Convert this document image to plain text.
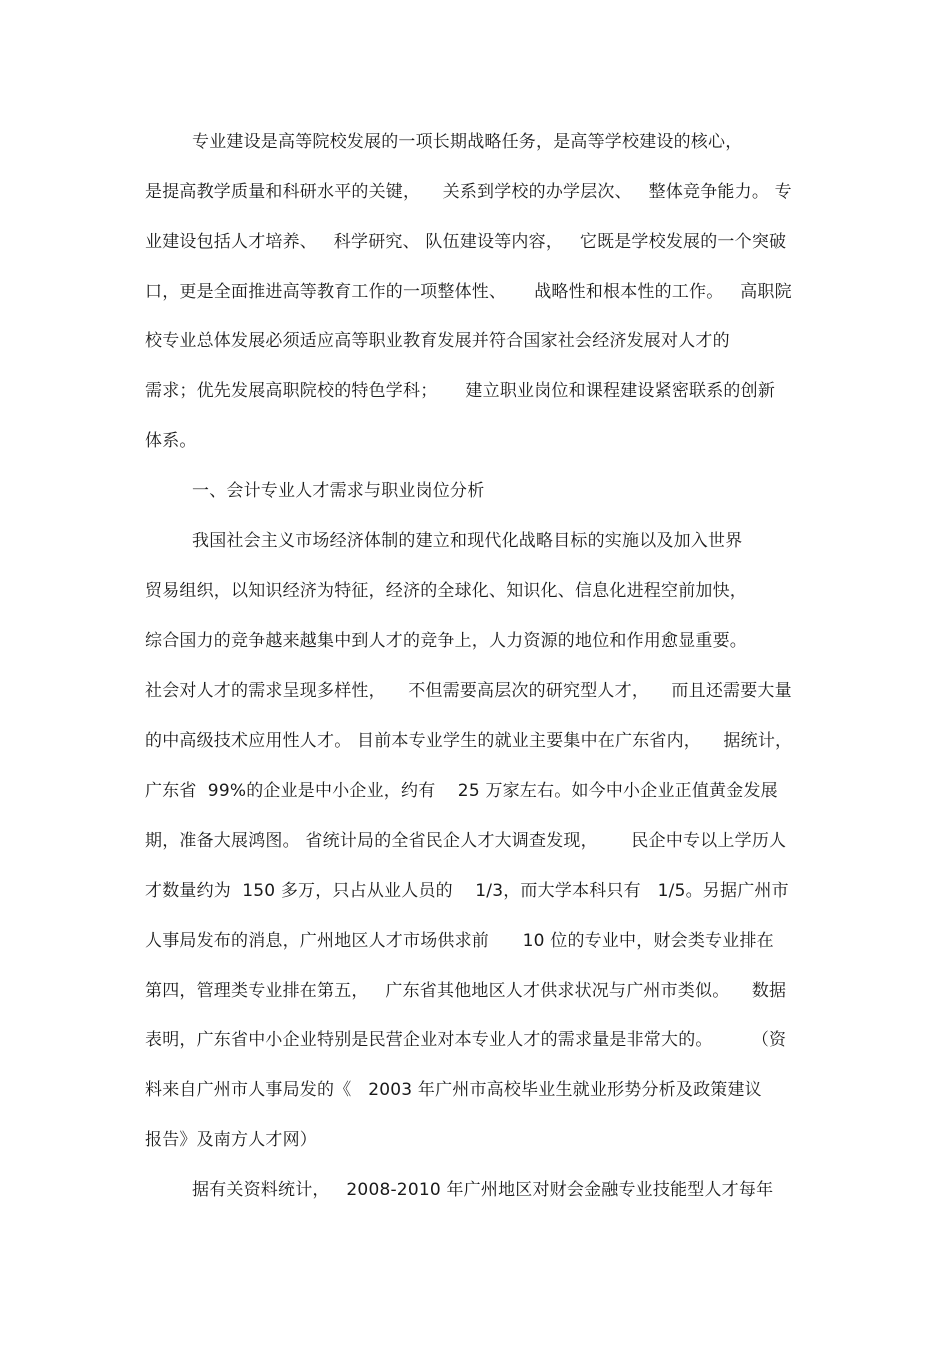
专业建设是高等院校发展的一项长期战略任务，是高等学校建设的核心，
是提高教学质量和科研水平的关键，    关系到学校的办学层次、   整体竞争能力。 专
业建设包括人才培养、   科学研究、 队伍建设等内容，   它既是学校发展的一个突破
口，更是全面推进高等教育工作的一项整体性、     战略性和根本性的工作。   高职院
校专业总体发展必须适应高等职业教育发展并符合国家社会经济发展对人才的
需求；优先发展高职院校的特色学科；     建立职业岗位和课程建设紧密联系的创新
体系。
一、会计专业人才需求与职业岗位分析
我国社会主义市场经济体制的建立和现代化战略目标的实施以及加入世界
贸易组织，以知识经济为特征，经济的全球化、知识化、信息化进程空前加快，
综合国力的竞争越来越集中到人才的竞争上，人力资源的地位和作用愈显重要。
社会对人才的需求呈现多样性，    不但需要高层次的研究型人才，    而且还需要大量
的中高级技术应用性人才。 目前本专业学生的就业主要集中在广东省内，    据统计，
广东省  99%的企业是中小企业，约有    25 万家左右。如今中小企业正值黄金发展
期，准备大展鸿图。 省统计局的全省民企人才大调查发现，      民企中专以上学历人
才数量约为  150 多万，只占从业人员的    1/3，而大学本科只有   1/5。另据广州市
人事局发布的消息，广州地区人才市场供求前      10 位的专业中，财会类专业排在
第四，管理类专业排在第五，   广东省其他地区人才供求状况与广州市类似。    数据
表明，广东省中小企业特别是民营企业对本专业人才的需求量是非常大的。       （资
料来自广州市人事局发的《   2003 年广州市高校毕业生就业形势分析及政策建议
报告》及南方人才网）
据有关资料统计，   2008-2010 年广州地区对财会金融专业技能型人才每年
